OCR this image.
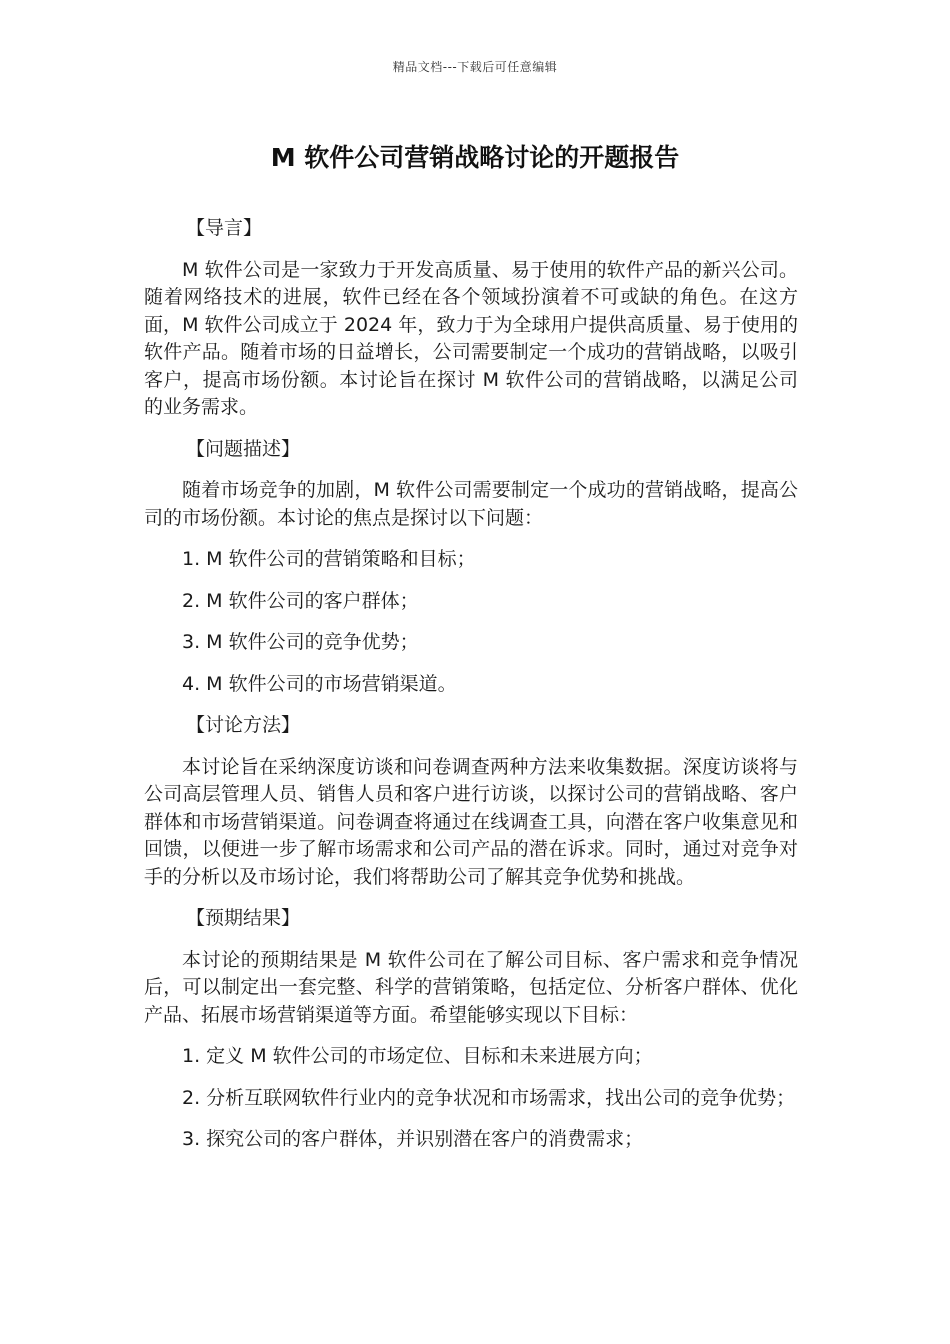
精品文档---下载后可任意编辑
M 软件公司营销战略讨论的开题报告

【导言】

M 软件公司是一家致力于开发高质量、易于使用的软件产品的新兴公司。随着网络技术的进展，软件已经在各个领域扮演着不可或缺的角色。在这方面，M 软件公司成立于 2024 年，致力于为全球用户提供高质量、易于使用的软件产品。随着市场的日益增长，公司需要制定一个成功的营销战略，以吸引客户，提高市场份额。本讨论旨在探讨 M 软件公司的营销战略，以满足公司的业务需求。

【问题描述】

随着市场竞争的加剧，M 软件公司需要制定一个成功的营销战略，提高公司的市场份额。本讨论的焦点是探讨以下问题：

1. M 软件公司的营销策略和目标；

2. M 软件公司的客户群体；

3. M 软件公司的竞争优势；

4. M 软件公司的市场营销渠道。

【讨论方法】

本讨论旨在采纳深度访谈和问卷调查两种方法来收集数据。深度访谈将与公司高层管理人员、销售人员和客户进行访谈，以探讨公司的营销战略、客户群体和市场营销渠道。问卷调查将通过在线调查工具，向潜在客户收集意见和回馈，以便进一步了解市场需求和公司产品的潜在诉求。同时，通过对竞争对手的分析以及市场讨论，我们将帮助公司了解其竞争优势和挑战。

【预期结果】

本讨论的预期结果是 M 软件公司在了解公司目标、客户需求和竞争情况后，可以制定出一套完整、科学的营销策略，包括定位、分析客户群体、优化产品、拓展市场营销渠道等方面。希望能够实现以下目标：

1. 定义 M 软件公司的市场定位、目标和未来进展方向；

2. 分析互联网软件行业内的竞争状况和市场需求，找出公司的竞争优势；

3. 探究公司的客户群体，并识别潜在客户的消费需求；
